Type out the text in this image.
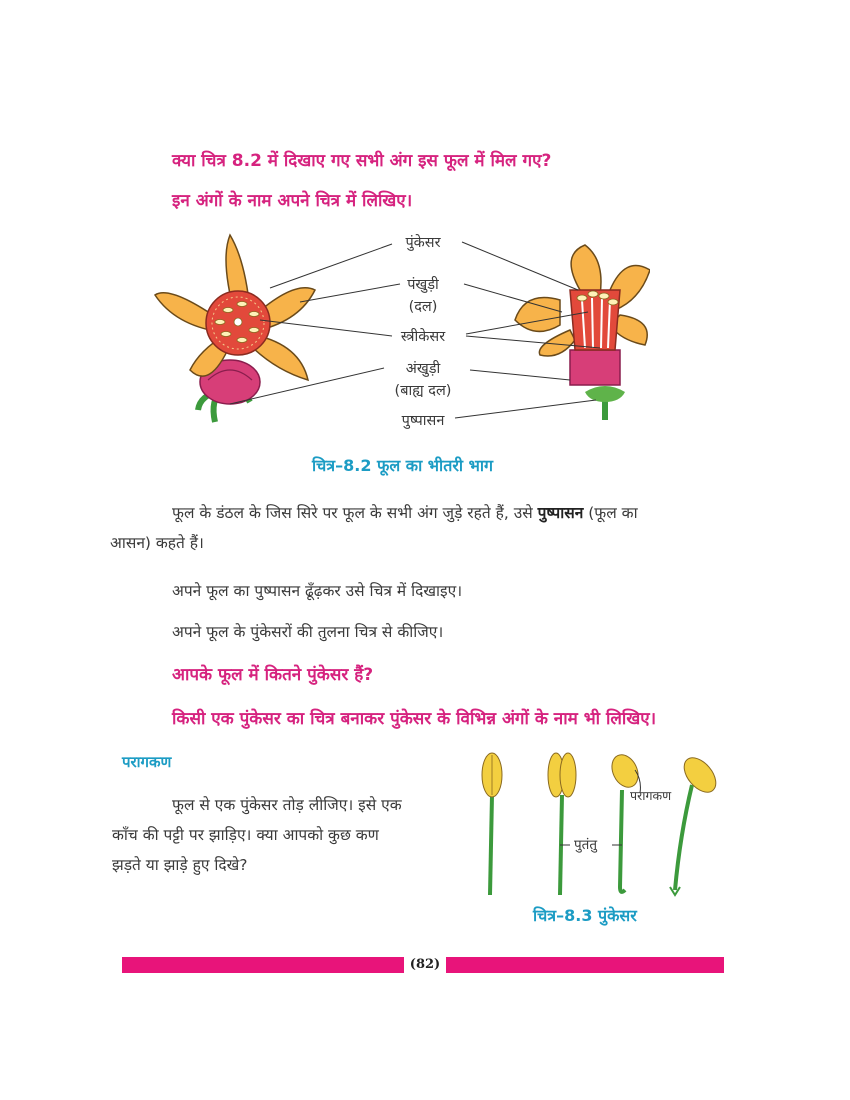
क्या चित्र 8.2 में दिखाए गए सभी अंग इस फूल में मिल गए?
इन अंगों के नाम अपने चित्र में लिखिए।
पुंकेसर
पंखुड़ी
(दल)
स्त्रीकेसर
अंखुड़ी
(बाह्य दल)
पुष्पासन
चित्र–8.2 फूल का भीतरी भाग
फूल के डंठल के जिस सिरे पर फूल के सभी अंग जुड़े रहते हैं, उसे पुष्पासन (फूल का
आसन) कहते हैं।
अपने फूल का पुष्पासन ढूँढ़कर उसे चित्र में दिखाइए।
अपने फूल के पुंकेसरों की तुलना चित्र से कीजिए।
आपके फूल में कितने पुंकेसर हैं?
किसी एक पुंकेसर का चित्र बनाकर पुंकेसर के विभिन्न अंगों के नाम भी लिखिए।
परागकण
फूल से एक पुंकेसर तोड़ लीजिए। इसे एक
काँच की पट्टी पर झाड़िए। क्या आपको कुछ कण
झड़ते या झाड़े हुए दिखे?
परागकण
पुतंतु
चित्र–8.3 पुंकेसर
(82)
